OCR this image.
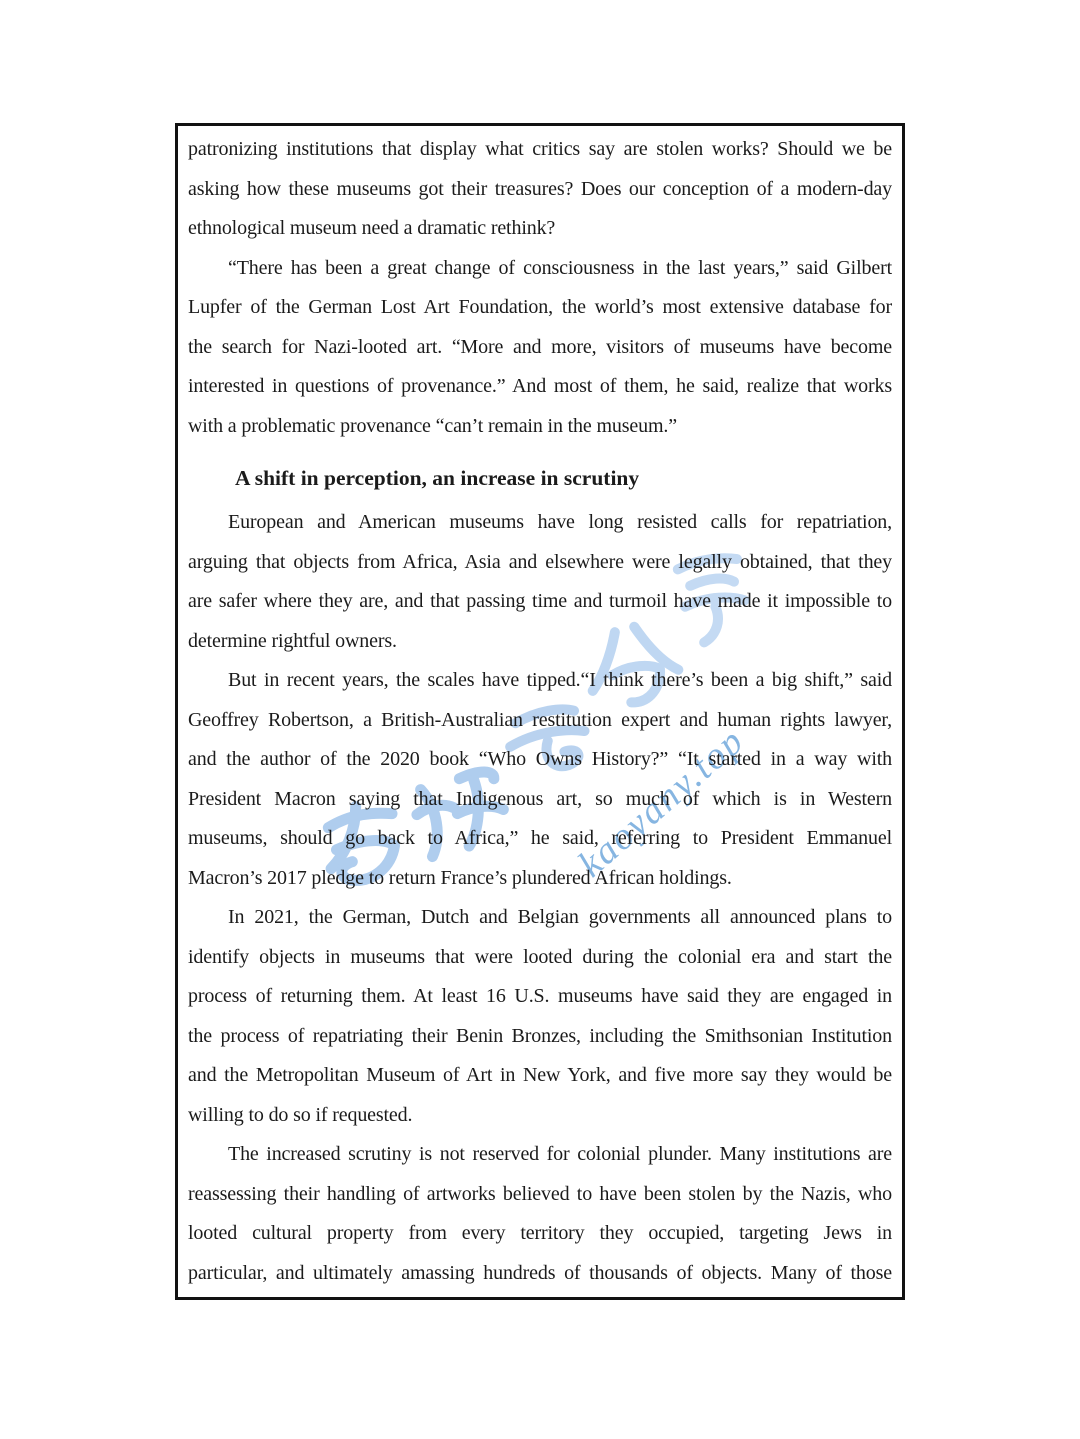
kaoyany.top
patronizing institutions that display what critics say are stolen works? Should we be
asking how these museums got their treasures? Does our conception of a modern-day
ethnological museum need a dramatic rethink?
“There has been a great change of consciousness in the last years,” said Gilbert
Lupfer of the German Lost Art Foundation, the world’s most extensive database for
the search for Nazi-looted art. “More and more, visitors of museums have become
interested in questions of provenance.” And most of them, he said, realize that works
with a problematic provenance “can’t remain in the museum.”
A shift in perception, an increase in scrutiny
European and American museums have long resisted calls for repatriation,
arguing that objects from Africa, Asia and elsewhere were legally obtained, that they
are safer where they are, and that passing time and turmoil have made it impossible to
determine rightful owners.
But in recent years, the scales have tipped.“I think there’s been a big shift,” said
Geoffrey Robertson, a British-Australian restitution expert and human rights lawyer,
and the author of the 2020 book “Who Owns History?” “It started in a way with
President Macron saying that Indigenous art, so much of which is in Western
museums, should go back to Africa,” he said, referring to President Emmanuel
Macron’s 2017 pledge to return France’s plundered African holdings.
In 2021, the German, Dutch and Belgian governments all announced plans to
identify objects in museums that were looted during the colonial era and start the
process of returning them. At least 16 U.S. museums have said they are engaged in
the process of repatriating their Benin Bronzes, including the Smithsonian Institution
and the Metropolitan Museum of Art in New York, and five more say they would be
willing to do so if requested.
The increased scrutiny is not reserved for colonial plunder. Many institutions are
reassessing their handling of artworks believed to have been stolen by the Nazis, who
looted cultural property from every territory they occupied, targeting Jews in
particular, and ultimately amassing hundreds of thousands of objects. Many of those
